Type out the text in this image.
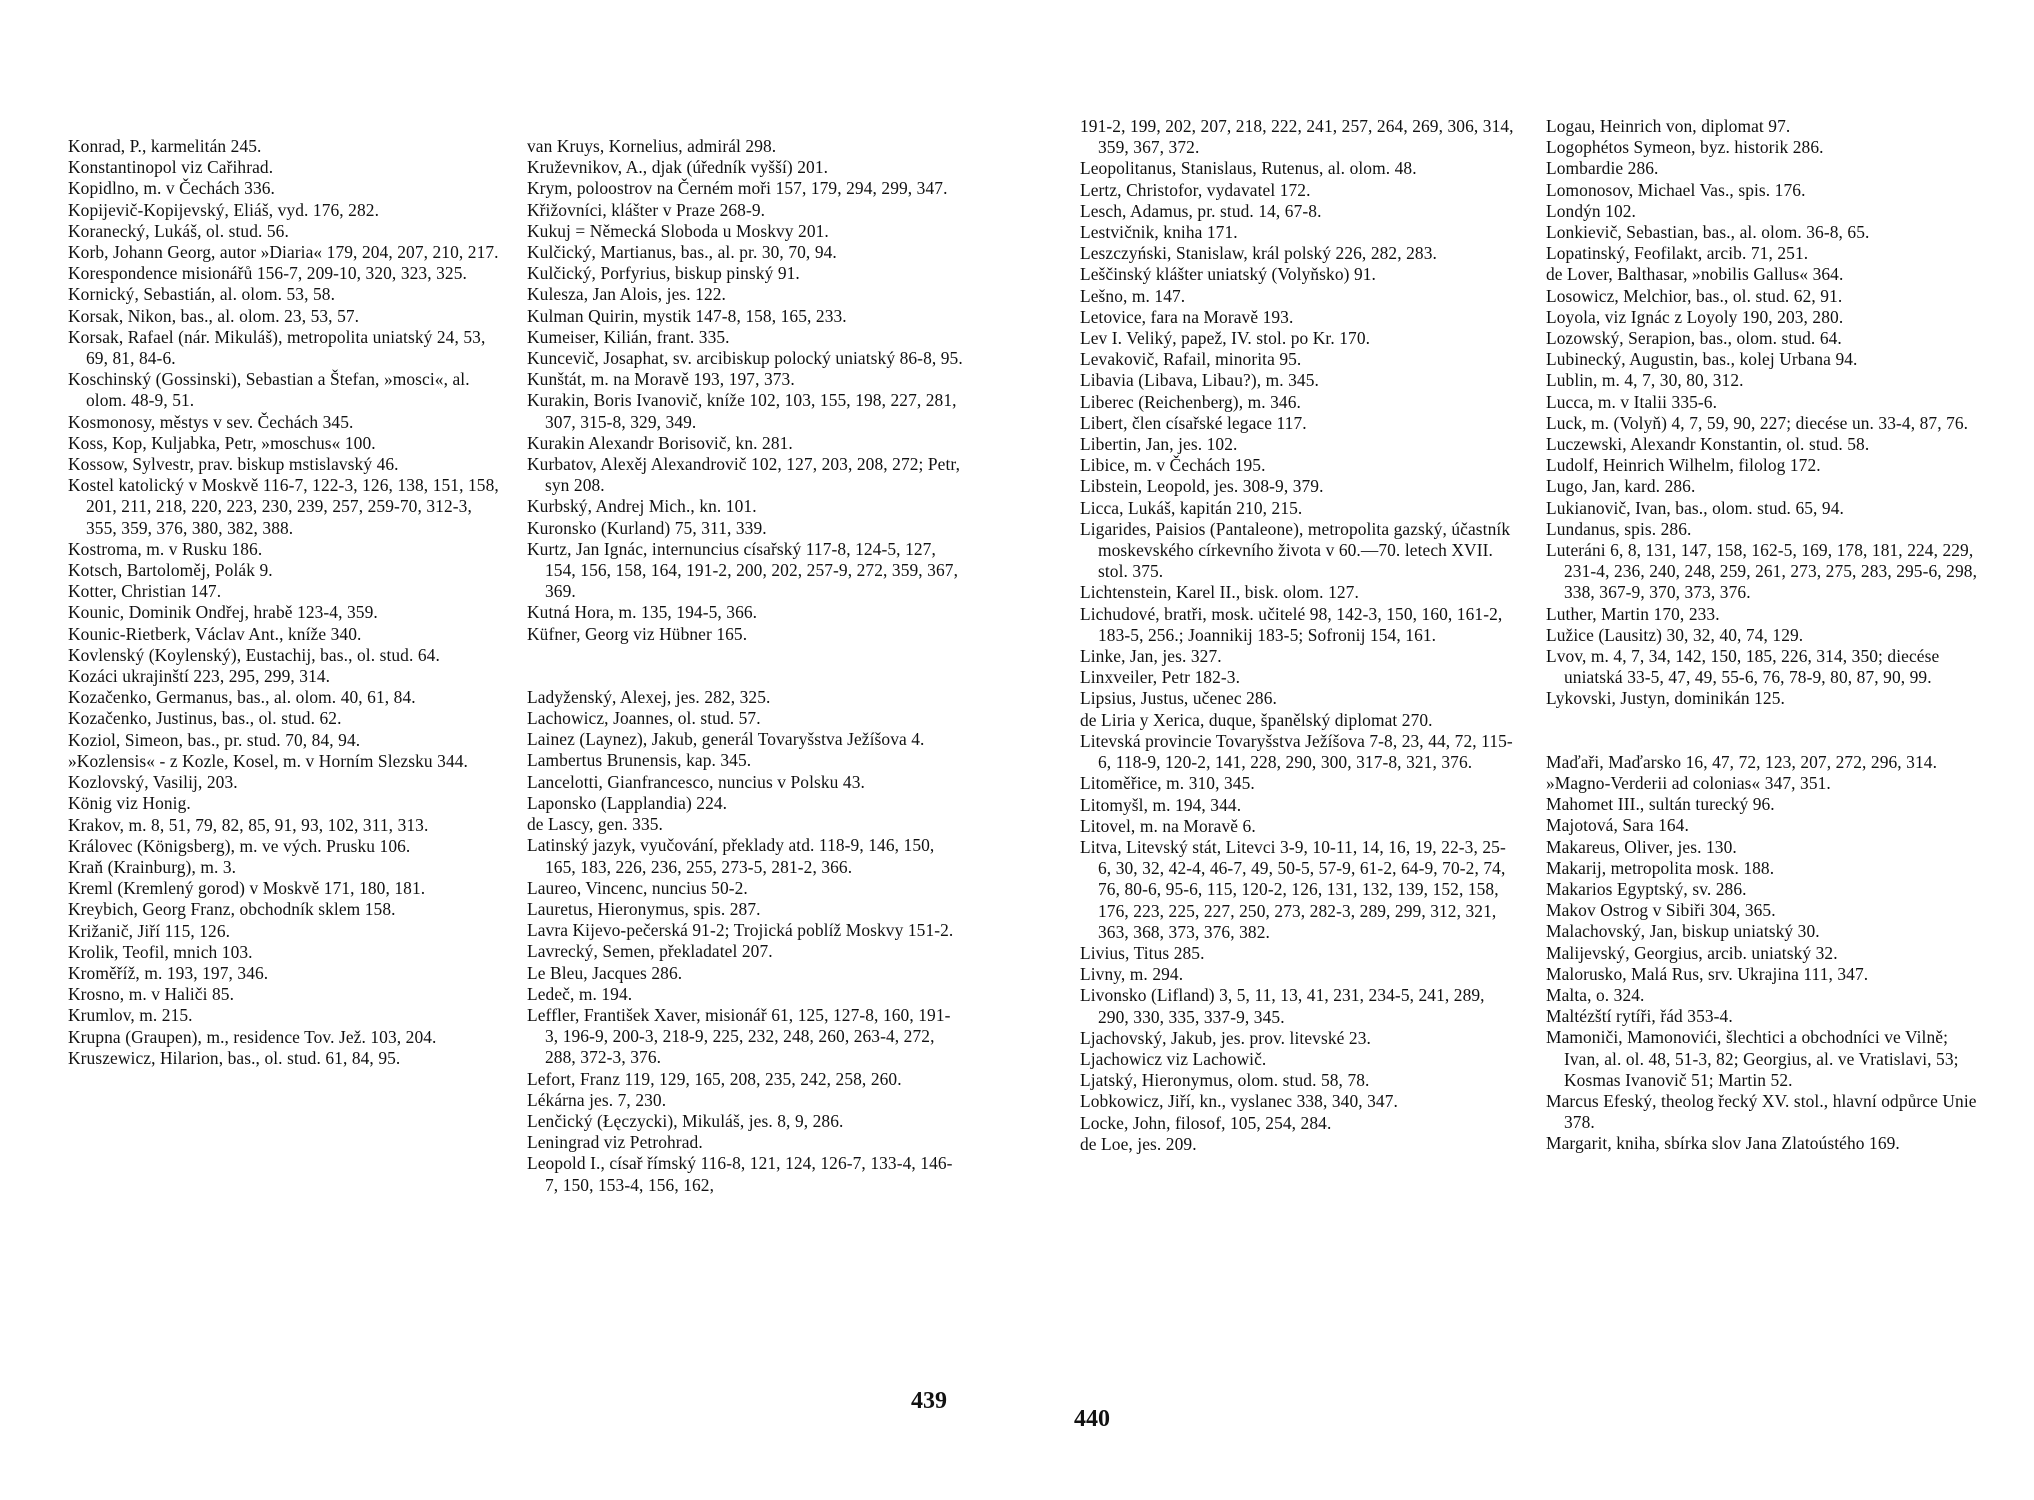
Konrad, P., karmelitán 245.
Konstantinopol viz Cařihrad.
Kopidlno, m. v Čechách 336.
Kopijevič-Kopijevský, Eliáš, vyd. 176, 282.
Koranecký, Lukáš, ol. stud. 56.
Korb, Johann Georg, autor »Diaria« 179, 204, 207, 210, 217.
Korespondence misionářů 156-7, 209-10, 320, 323, 325.
Kornický, Sebastián, al. olom. 53, 58.
Korsak, Nikon, bas., al. olom. 23, 53, 57.
Korsak, Rafael (nár. Mikuláš), metropolita uniatský 24, 53, 69, 81, 84-6.
Koschinský (Gossinski), Sebastian a Štefan, »mosci«, al. olom. 48-9, 51.
Kosmonosy, městys v sev. Čechách 345.
Koss, Kop, Kuljabka, Petr, »moschus« 100.
Kossow, Sylvestr, prav. biskup mstislavský 46.
Kostel katolický v Moskvě 116-7, 122-3, 126, 138, 151, 158, 201, 211, 218, 220, 223, 230, 239, 257, 259-70, 312-3, 355, 359, 376, 380, 382, 388.
Kostroma, m. v Rusku 186.
Kotsch, Bartoloměj, Polák 9.
Kotter, Christian 147.
Kounic, Dominik Ondřej, hrabě 123-4, 359.
Kounic-Rietberk, Václav Ant., kníže 340.
Kovlenský (Koylenský), Eustachij, bas., ol. stud. 64.
Kozáci ukrajinští 223, 295, 299, 314.
Kozačenko, Germanus, bas., al. olom. 40, 61, 84.
Kozačenko, Justinus, bas., ol. stud. 62.
Koziol, Simeon, bas., pr. stud. 70, 84, 94.
»Kozlensis« - z Kozle, Kosel, m. v Horním Slezsku 344.
Kozlovský, Vasilij, 203.
König viz Honig.
Krakov, m. 8, 51, 79, 82, 85, 91, 93, 102, 311, 313.
Královec (Königsberg), m. ve vých. Prusku 106.
Kraň (Krainburg), m. 3.
Kreml (Kremlený gorod) v Moskvě 171, 180, 181.
Kreybich, Georg Franz, obchodník sklem 158.
Križanič, Jiří 115, 126.
Krolik, Teofil, mnich 103.
Kroměříž, m. 193, 197, 346.
Krosno, m. v Haliči 85.
Krumlov, m. 215.
Krupna (Graupen), m., residence Tov. Jež. 103, 204.
Kruszewicz, Hilarion, bas., ol. stud. 61, 84, 95.
van Kruys, Kornelius, admirál 298.
Kruževnikov, A., djak (úředník vyšší) 201.
Krym, poloostrov na Černém moři 157, 179, 294, 299, 347.
Křižovníci, klášter v Praze 268-9.
Kukuj = Německá Sloboda u Moskvy 201.
Kulčický, Martianus, bas., al. pr. 30, 70, 94.
Kulčický, Porfyrius, biskup pinský 91.
Kulesza, Jan Alois, jes. 122.
Kulman Quirin, mystik 147-8, 158, 165, 233.
Kumeiser, Kilián, frant. 335.
Kuncevič, Josaphat, sv. arcibiskup polocký uniatský 86-8, 95.
Kunštát, m. na Moravě 193, 197, 373.
Kurakin, Boris Ivanovič, kníže 102, 103, 155, 198, 227, 281, 307, 315-8, 329, 349.
Kurakin Alexandr Borisovič, kn. 281.
Kurbatov, Alexěj Alexandrovič 102, 127, 203, 208, 272; Petr, syn 208.
Kurbský, Andrej Mich., kn. 101.
Kuronsko (Kurland) 75, 311, 339.
Kurtz, Jan Ignác, internuncius císařský 117-8, 124-5, 127, 154, 156, 158, 164, 191-2, 200, 202, 257-9, 272, 359, 367, 369.
Kutná Hora, m. 135, 194-5, 366.
Küfner, Georg viz Hübner 165.
Ladyženský, Alexej, jes. 282, 325.
Lachowicz, Joannes, ol. stud. 57.
Lainez (Laynez), Jakub, generál Tovaryšstva Ježíšova 4.
Lambertus Brunensis, kap. 345.
Lancelotti, Gianfrancesco, nuncius v Polsku 43.
Laponsko (Lapplandia) 224.
de Lascy, gen. 335.
Latinský jazyk, vyučování, překlady atd. 118-9, 146, 150, 165, 183, 226, 236, 255, 273-5, 281-2, 366.
Laureo, Vincenc, nuncius 50-2.
Lauretus, Hieronymus, spis. 287.
Lavra Kijevo-pečerská 91-2; Trojická poblíž Moskvy 151-2.
Lavrecký, Semen, překladatel 207.
Le Bleu, Jacques 286.
Ledeč, m. 194.
Leffler, František Xaver, misionář 61, 125, 127-8, 160, 191-3, 196-9, 200-3, 218-9, 225, 232, 248, 260, 263-4, 272, 288, 372-3, 376.
Lefort, Franz 119, 129, 165, 208, 235, 242, 258, 260.
Lékárna jes. 7, 230.
Lenčický (Łęczycki), Mikuláš, jes. 8, 9, 286.
Leningrad viz Petrohrad.
Leopold I., císař římský 116-8, 121, 124, 126-7, 133-4, 146-7, 150, 153-4, 156, 162,
191-2, 199, 202, 207, 218, 222, 241, 257, 264, 269, 306, 314, 359, 367, 372.
Leopolitanus, Stanislaus, Rutenus, al. olom. 48.
Lertz, Christofor, vydavatel 172.
Lesch, Adamus, pr. stud. 14, 67-8.
Lestvičnik, kniha 171.
Leszczyński, Stanislaw, král polský 226, 282, 283.
Leščinský klášter uniatský (Volyňsko) 91.
Lešno, m. 147.
Letovice, fara na Moravě 193.
Lev I. Veliký, papež, IV. stol. po Kr. 170.
Levakovič, Rafail, minorita 95.
Libavia (Libava, Libau?), m. 345.
Liberec (Reichenberg), m. 346.
Libert, člen císařské legace 117.
Libertin, Jan, jes. 102.
Libice, m. v Čechách 195.
Libstein, Leopold, jes. 308-9, 379.
Licca, Lukáš, kapitán 210, 215.
Ligarides, Paisios (Pantaleone), metropolita gazský, účastník moskevského církevního života v 60.—70. letech XVII. stol. 375.
Lichtenstein, Karel II., bisk. olom. 127.
Lichudové, bratři, mosk. učitelé 98, 142-3, 150, 160, 161-2, 183-5, 256.; Joannikij 183-5; Sofronij 154, 161.
Linke, Jan, jes. 327.
Linxveiler, Petr 182-3.
Lipsius, Justus, učenec 286.
de Liria y Xerica, duque, španělský diplomat 270.
Litevská provincie Tovaryšstva Ježíšova 7-8, 23, 44, 72, 115-6, 118-9, 120-2, 141, 228, 290, 300, 317-8, 321, 376.
Litoměřice, m. 310, 345.
Litomyšl, m. 194, 344.
Litovel, m. na Moravě 6.
Litva, Litevský stát, Litevci 3-9, 10-11, 14, 16, 19, 22-3, 25-6, 30, 32, 42-4, 46-7, 49, 50-5, 57-9, 61-2, 64-9, 70-2, 74, 76, 80-6, 95-6, 115, 120-2, 126, 131, 132, 139, 152, 158, 176, 223, 225, 227, 250, 273, 282-3, 289, 299, 312, 321, 363, 368, 373, 376, 382.
Livius, Titus 285.
Livny, m. 294.
Livonsko (Lifland) 3, 5, 11, 13, 41, 231, 234-5, 241, 289, 290, 330, 335, 337-9, 345.
Ljachovský, Jakub, jes. prov. litevské 23.
Ljachowicz viz Lachowič.
Ljatský, Hieronymus, olom. stud. 58, 78.
Lobkowicz, Jiří, kn., vyslanec 338, 340, 347.
Locke, John, filosof, 105, 254, 284.
de Loe, jes. 209.
Logau, Heinrich von, diplomat 97.
Logophétos Symeon, byz. historik 286.
Lombardie 286.
Lomonosov, Michael Vas., spis. 176.
Londýn 102.
Lonkievič, Sebastian, bas., al. olom. 36-8, 65.
Lopatinský, Feofilakt, arcib. 71, 251.
de Lover, Balthasar, »nobilis Gallus« 364.
Losowicz, Melchior, bas., ol. stud. 62, 91.
Loyola, viz Ignác z Loyoly 190, 203, 280.
Lozowský, Serapion, bas., olom. stud. 64.
Lubinecký, Augustin, bas., kolej Urbana 94.
Lublin, m. 4, 7, 30, 80, 312.
Lucca, m. v Italii 335-6.
Luck, m. (Volyň) 4, 7, 59, 90, 227; diecése un. 33-4, 87, 76.
Luczewski, Alexandr Konstantin, ol. stud. 58.
Ludolf, Heinrich Wilhelm, filolog 172.
Lugo, Jan, kard. 286.
Lukianovič, Ivan, bas., olom. stud. 65, 94.
Lundanus, spis. 286.
Luteráni 6, 8, 131, 147, 158, 162-5, 169, 178, 181, 224, 229, 231-4, 236, 240, 248, 259, 261, 273, 275, 283, 295-6, 298, 338, 367-9, 370, 373, 376.
Luther, Martin 170, 233.
Lužice (Lausitz) 30, 32, 40, 74, 129.
Lvov, m. 4, 7, 34, 142, 150, 185, 226, 314, 350; diecése uniatská 33-5, 47, 49, 55-6, 76, 78-9, 80, 87, 90, 99.
Lykovski, Justyn, dominikán 125.
Maďaři, Maďarsko 16, 47, 72, 123, 207, 272, 296, 314.
»Magno-Verderii ad colonias« 347, 351.
Mahomet III., sultán turecký 96.
Majotová, Sara 164.
Makareus, Oliver, jes. 130.
Makarij, metropolita mosk. 188.
Makarios Egyptský, sv. 286.
Makov Ostrog v Sibiři 304, 365.
Malachovský, Jan, biskup uniatský 30.
Malijevský, Georgius, arcib. uniatský 32.
Malorusko, Malá Rus, srv. Ukrajina 111, 347.
Malta, o. 324.
Maltézští rytíři, řád 353-4.
Mamoniči, Mamonovići, šlechtici a obchodníci ve Vilně; Ivan, al. ol. 48, 51-3, 82; Georgius, al. ve Vratislavi, 53; Kosmas Ivanovič 51; Martin 52.
Marcus Efeský, theolog řecký XV. stol., hlavní odpůrce Unie 378.
Margarit, kniha, sbírka slov Jana Zlatoústého 169.
439
440
